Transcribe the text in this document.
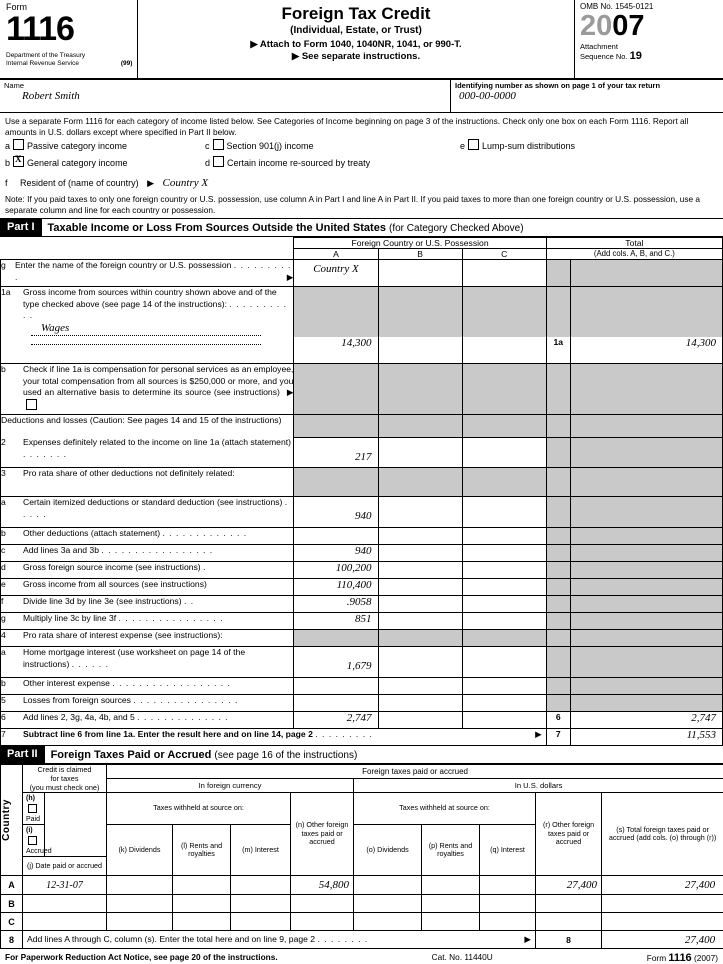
Form
1116
Department of the Treasury
Internal Revenue Service	(99)
Foreign Tax Credit
(Individual, Estate, or Trust)
▶ Attach to Form 1040, 1040NR, 1041, or 990-T.
▶ See separate instructions.
OMB No. 1545-0121
2007
Attachment
Sequence No. 19
Name
Robert Smith
Identifying number as shown on page 1 of your tax return
000-00-0000
Use a separate Form 1116 for each category of income listed below. See Categories of Income beginning on page 3 of the instructions. Check only one box on each Form 1116. Report all amounts in U.S. dollars except where specified in Part II below.
a Passive category income	c Section 901(j) income	e Lump-sum distributions
b X General category income	d Certain income re-sourced by treaty
f Resident of (name of country) ▶ Country X
Note: If you paid taxes to only one foreign country or U.S. possession, use column A in Part I and line A in Part II. If you paid taxes to more than one foreign country or U.S. possession, use a separate column and line for each country or possession.
Part I	Taxable Income or Loss From Sources Outside the United States (for Category Checked Above)
	Foreign Country or U.S. Possession	Total

A	B	C	(Add cols. A, B, and C.)

g	Enter the name of the foreign country or U.S. possession . . . . . . . . . .	▶

Country X

1a	Gross income from sources within country shown above and of the type checked above (see page 14 of the instructions): . . . . . . . . . . .
Wages

14,300			1a	14,300

b	Check if line 1a is compensation for personal services as an employee, your total compensation from all sources is $250,000 or more, and you used an alternative basis to determine its source (see instructions) ▶

Deductions and losses (Caution: See pages 14 and 15 of the instructions)					

2	Expenses definitely related to the income on line 1a (attach statement) . . . . . . .
		217

3	Pro rata share of other deductions not definitely related:

a	Certain itemized deductions or standard deduction (see instructions) . . . . .
		940

b	Other deductions (attach statement) . . . . . . . . . . . . .

c	Add lines 3a and 3b . . . . . . . . . . . . . . . . .
		940

d	Gross foreign source income (see instructions) .
		100,200

e	Gross income from all sources (see instructions)
		110,400

f	Divide line 3d by line 3e (see instructions) . .
		.9058

g	Multiply line 3c by line 3f . . . . . . . . . . . . . . . .
		851

4	Pro rata share of interest expense (see instructions):

a	Home mortgage interest (use worksheet on page 14 of the instructions) . . . . . .
		1,679

b	Other interest expense . . . . . . . . . . . . . . . . . .

5	Losses from foreign sources . . . . . . . . . . . . . . . .

6	Add lines 2, 3g, 4a, 4b, and 5 . . . . . . . . . . . . . .
		2,747			6	2,747

7	Subtract line 6 from line 1a. Enter the result here and on line 14, page 2 . . . . . . . . .	▶
	7	11,553
Part II	Foreign Taxes Paid or Accrued (see page 16 of the instructions)
Country	Credit is claimed
for taxes
(you must check one)		Foreign taxes paid or accrued								
			In foreign currency				In U.S. dollars				
	(h)  Paid		Taxes withheld at source on:			(n) Other foreign taxes paid or accrued	Taxes withheld at source on:			(r) Other foreign taxes paid or accrued	(s) Total foreign taxes paid or accrued (add cols. (o) through (r))
	(i)  Accrued		(k) Dividends	(l) Rents and royalties	(m) Interest		(o) Dividends	(p) Rents and royalties	(q) Interest		
	(j) Date paid or accrued										
A	12-31-07					54,800				27,400	27,400
B											
C											
8	Add lines A through C, column (s). Enter the total here and on line 9, page 2 . . . . . . . . ▶									8	27,400
For Paperwork Reduction Act Notice, see page 20 of the instructions.	Cat. No. 11440U	Form 1116 (2007)
